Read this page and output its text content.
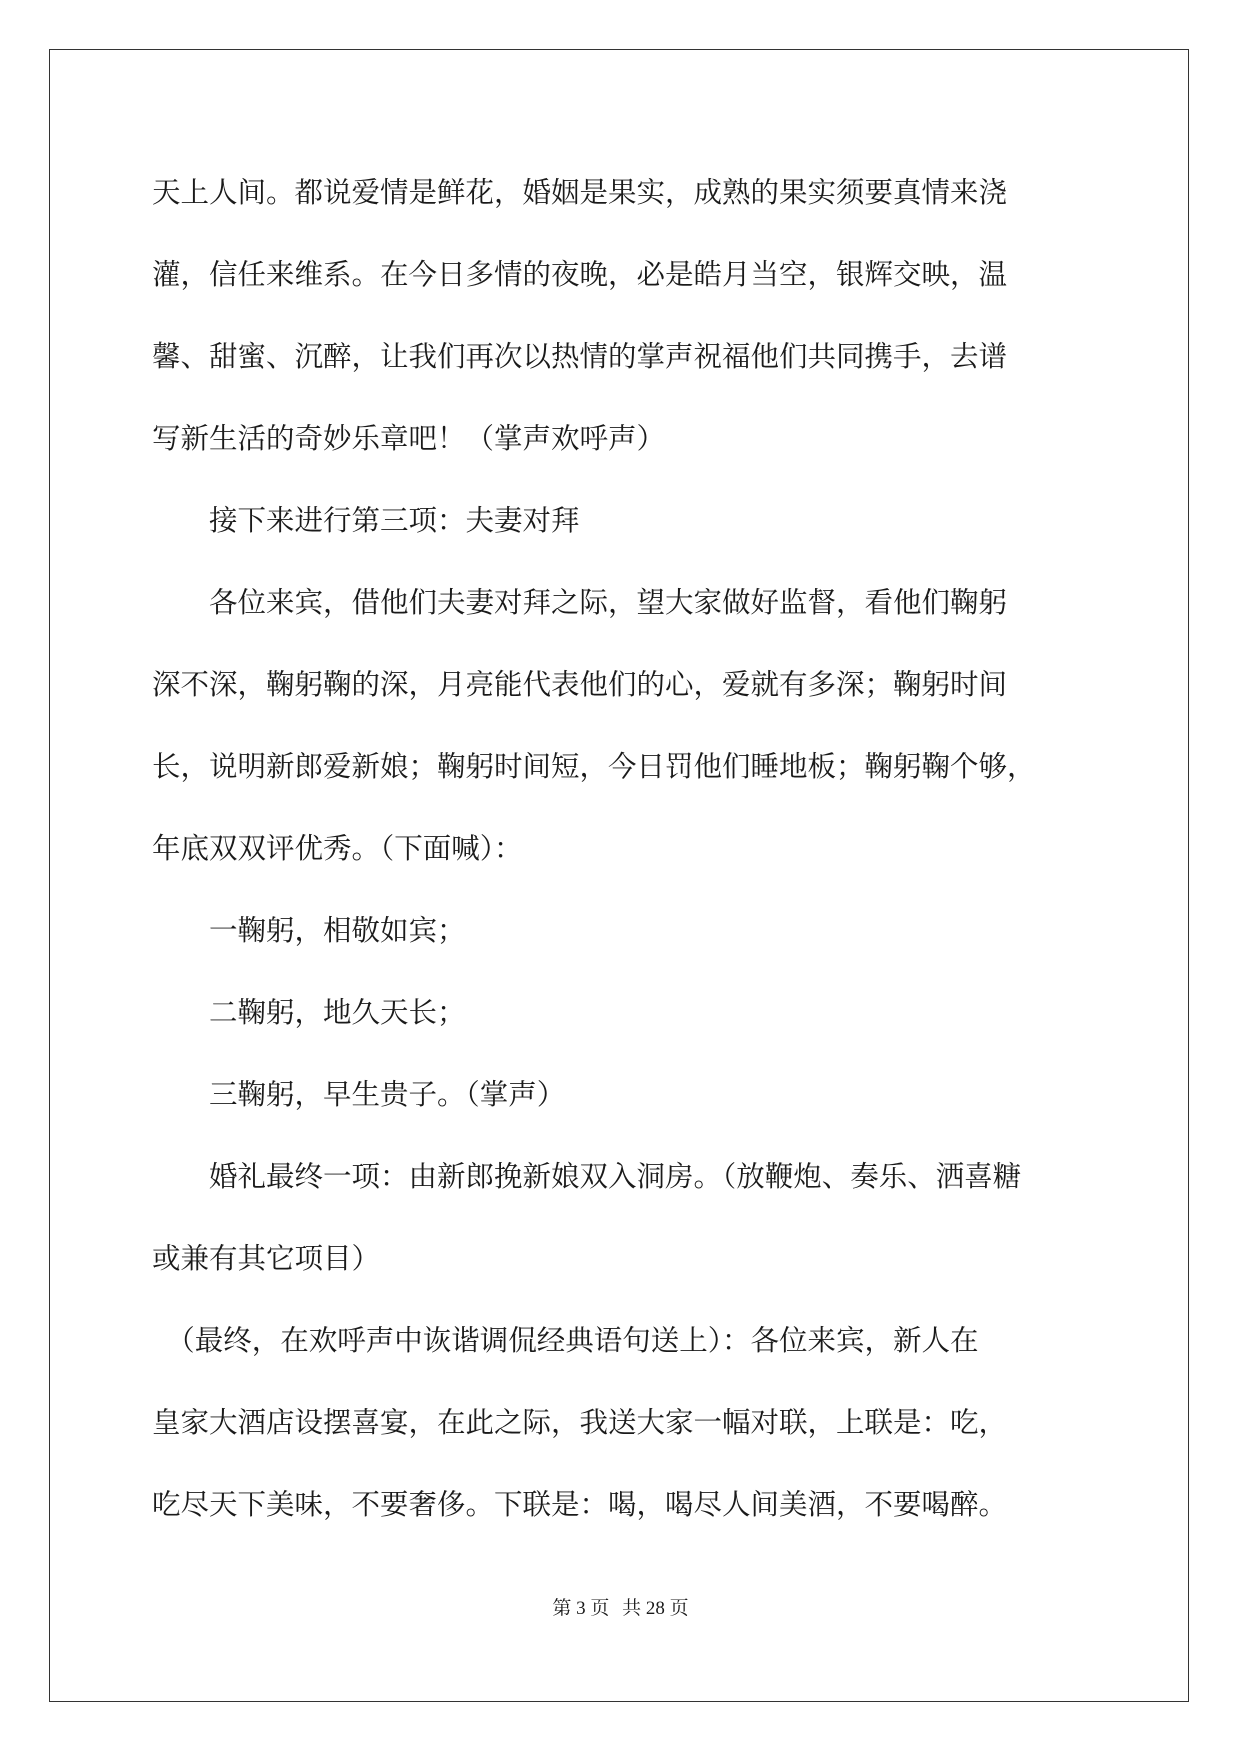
天上人间。都说爱情是鲜花，婚姻是果实，成熟的果实须要真情来浇
灌，信任来维系。在今日多情的夜晚，必是皓月当空，银辉交映，温
馨、甜蜜、沉醉，让我们再次以热情的掌声祝福他们共同携手，去谱
写新生活的奇妙乐章吧！（掌声欢呼声）
　　接下来进行第三项：夫妻对拜
　　各位来宾，借他们夫妻对拜之际，望大家做好监督，看他们鞠躬
深不深，鞠躬鞠的深，月亮能代表他们的心，爱就有多深；鞠躬时间
长，说明新郎爱新娘；鞠躬时间短，今日罚他们睡地板；鞠躬鞠个够，
年底双双评优秀。（下面喊）：
　　一鞠躬，相敬如宾；
　　二鞠躬，地久天长；
　　三鞠躬，早生贵子。（掌声）
　　婚礼最终一项：由新郎挽新娘双入洞房。（放鞭炮、奏乐、洒喜糖
或兼有其它项目）
　（最终，在欢呼声中诙谐调侃经典语句送上）：各位来宾，新人在
皇家大酒店设摆喜宴，在此之际，我送大家一幅对联，上联是：吃，
吃尽天下美味，不要奢侈。下联是：喝，喝尽人间美酒，不要喝醉。
第 3 页 共 28 页
